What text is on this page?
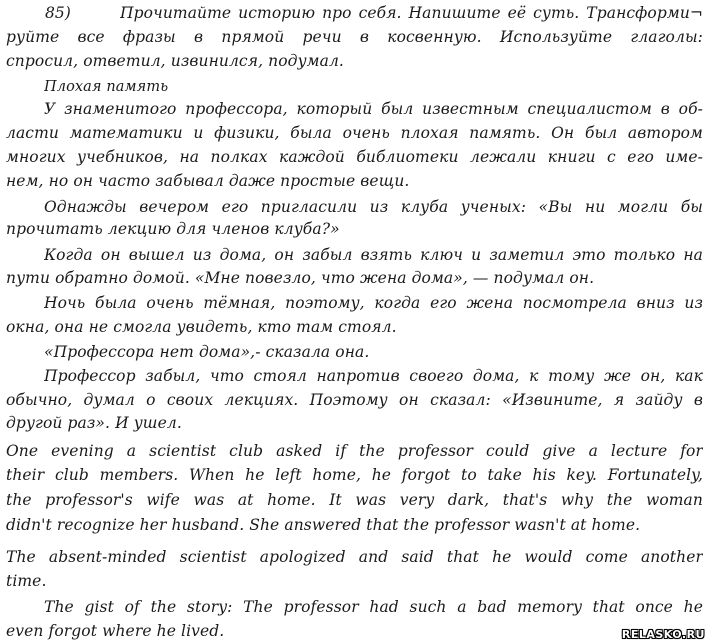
85)	Прочитайте историю про себя. Напишите её суть. Трансформи¬
руйте все фразы в прямой речи в косвенную. Используйте глаголы:
спросил, ответил, извинился, подумал.
Плохая память
У знаменитого профессора, который был известным специалистом в об-
ласти математики и физики, была очень плохая память. Он был автором
многих учебников, на полках каждой библиотеки лежали книги с его име-
нем, но он часто забывал даже простые вещи.
Однажды вечером его пригласили из клуба ученых: «Вы ни могли бы
прочитать лекцию для членов клуба?»
Когда он вышел из дома, он забыл взять ключ и заметил это только на
пути обратно домой. «Мне повезло, что жена дома», — подумал он.
Ночь была очень тёмная, поэтому, когда его жена посмотрела вниз из
окна, она не смогла увидеть, кто там стоял.
«Профессора нет дома»,- сказала она.
Профессор забыл, что стоял напротив своего дома, к тому же он, как
обычно, думал о своих лекциях. Поэтому он сказал: «Извините, я зайду в
другой раз». И ушел.
One evening a scientist club asked if the professor could give a lecture for
their club members. When he left home, he forgot to take his key. Fortunately,
the professor's wife was at home. It was very dark, that's why the woman
didn't recognize her husband. She answered that the professor wasn't at home.
The absent-minded scientist apologized and said that he would come another
time.
The gist of the story: The professor had such a bad memory that once he
even forgot where he lived.	RELASKO.RU
